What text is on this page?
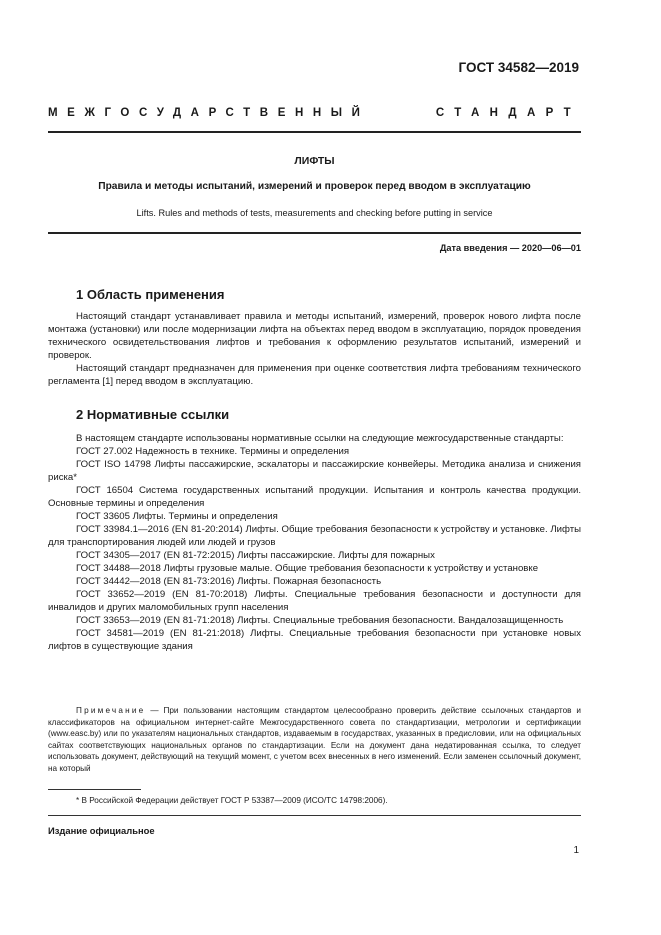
ГОСТ 34582—2019
МЕЖГОСУДАРСТВЕННЫЙ	СТАНДАРТ
ЛИФТЫ
Правила и методы испытаний, измерений и проверок перед вводом в эксплуатацию
Lifts. Rules and methods of tests, measurements and checking before putting in service
Дата введения — 2020—06—01
1 Область применения

Настоящий стандарт устанавливает правила и методы испытаний, измерений, проверок нового лифта после монтажа (установки) или после модернизации лифта на объектах перед вводом в эксплуатацию, порядок проведения технического освидетельствования лифтов и требования к оформлению результатов испытаний, измерений и проверок.

Настоящий стандарт предназначен для применения при оценке соответствия лифта требованиям технического регламента [1] перед вводом в эксплуатацию.

2 Нормативные ссылки
В настоящем стандарте использованы нормативные ссылки на следующие межгосударственные стандарты:
ГОСТ 27.002 Надежность в технике. Термины и определения
ГОСТ ISO 14798 Лифты пассажирские, эскалаторы и пассажирские конвейеры. Методика анализа и снижения риска*
ГОСТ 16504 Система государственных испытаний продукции. Испытания и контроль качества продукции. Основные термины и определения
ГОСТ 33605 Лифты. Термины и определения
ГОСТ 33984.1—2016 (EN 81-20:2014) Лифты. Общие требования безопасности к устройству и установке. Лифты для транспортирования людей или людей и грузов
ГОСТ 34305—2017 (EN 81-72:2015) Лифты пассажирские. Лифты для пожарных
ГОСТ 34488—2018 Лифты грузовые малые. Общие требования безопасности к устройству и установке
ГОСТ 34442—2018 (EN 81-73:2016) Лифты. Пожарная безопасность
ГОСТ 33652—2019 (EN 81-70:2018) Лифты. Специальные требования безопасности и доступности для инвалидов и других маломобильных групп населения
ГОСТ 33653—2019 (EN 81-71:2018) Лифты. Специальные требования безопасности. Вандалозащищенность
ГОСТ 34581—2019 (EN 81-21:2018) Лифты. Специальные требования безопасности при установке новых лифтов в существующие здания
Примечание — При пользовании настоящим стандартом целесообразно проверить действие ссылочных стандартов и классификаторов на официальном интернет-сайте Межгосударственного совета по стандартизации, метрологии и сертификации (www.easc.by) или по указателям национальных стандартов, издаваемым в государствах, указанных в предисловии, или на официальных сайтах соответствующих национальных органов по стандартизации. Если на документ дана недатированная ссылка, то следует использовать документ, действующий на текущий момент, с учетом всех внесенных в него изменений. Если заменен ссылочный документ, на который
* В Российской Федерации действует ГОСТ Р 53387—2009 (ИСО/ТС 14798:2006).
Издание официальное
1
